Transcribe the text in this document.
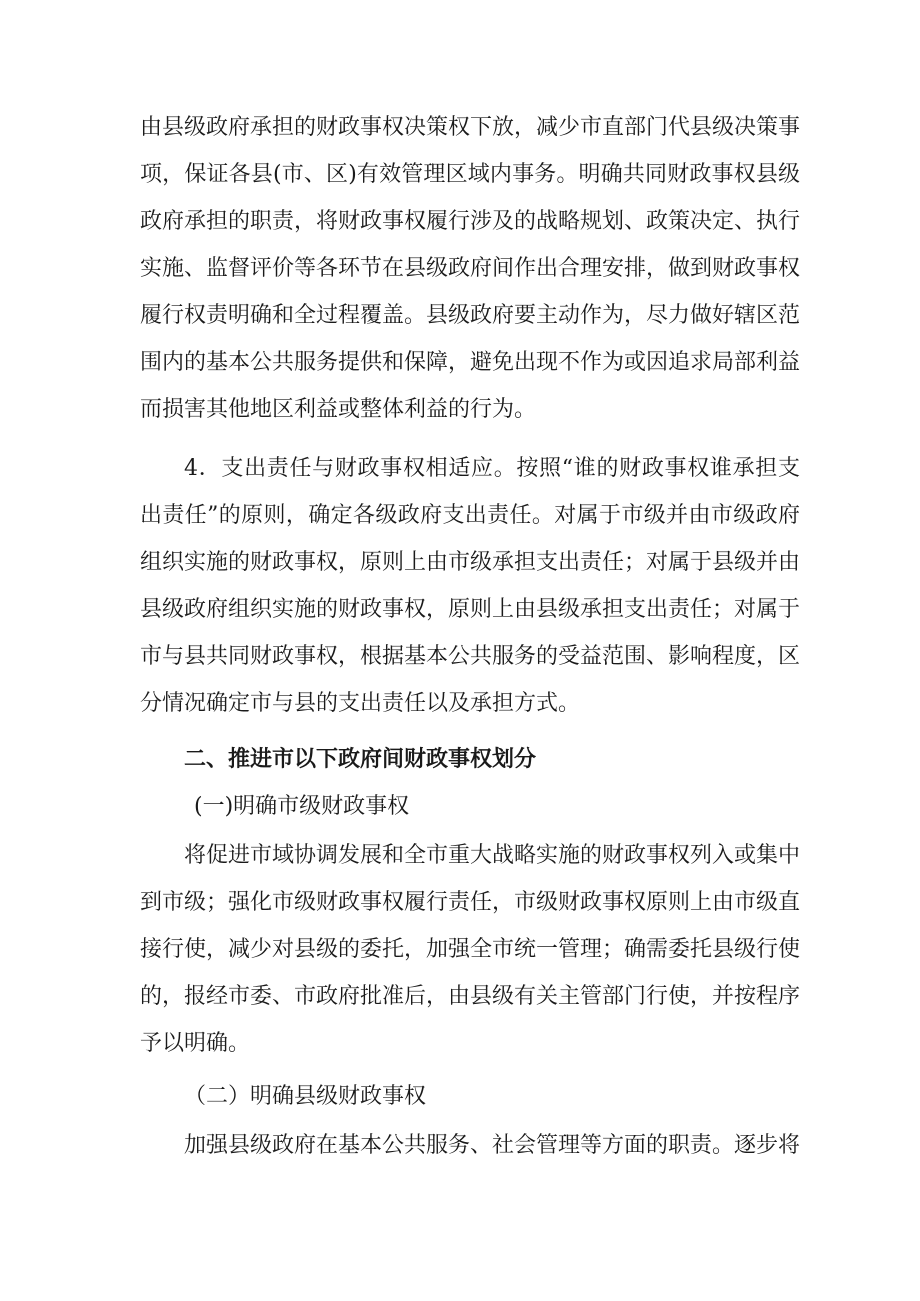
由县级政府承担的财政事权决策权下放，减少市直部门代县级决策事项，保证各县(市、区)有效管理区域内事务。明确共同财政事权县级政府承担的职责，将财政事权履行涉及的战略规划、政策决定、执行实施、监督评价等各环节在县级政府间作出合理安排，做到财政事权履行权责明确和全过程覆盖。县级政府要主动作为，尽力做好辖区范围内的基本公共服务提供和保障，避免出现不作为或因追求局部利益而损害其他地区利益或整体利益的行为。

4．支出责任与财政事权相适应。按照“谁的财政事权谁承担支出责任”的原则，确定各级政府支出责任。对属于市级并由市级政府组织实施的财政事权，原则上由市级承担支出责任；对属于县级并由县级政府组织实施的财政事权，原则上由县级承担支出责任；对属于市与县共同财政事权，根据基本公共服务的受益范围、影响程度，区分情况确定市与县的支出责任以及承担方式。

二、推进市以下政府间财政事权划分

(一)明确市级财政事权

将促进市域协调发展和全市重大战略实施的财政事权列入或集中到市级；强化市级财政事权履行责任，市级财政事权原则上由市级直接行使，减少对县级的委托，加强全市统一管理；确需委托县级行使的，报经市委、市政府批准后，由县级有关主管部门行使，并按程序予以明确。

（二）明确县级财政事权

加强县级政府在基本公共服务、社会管理等方面的职责。逐步将
